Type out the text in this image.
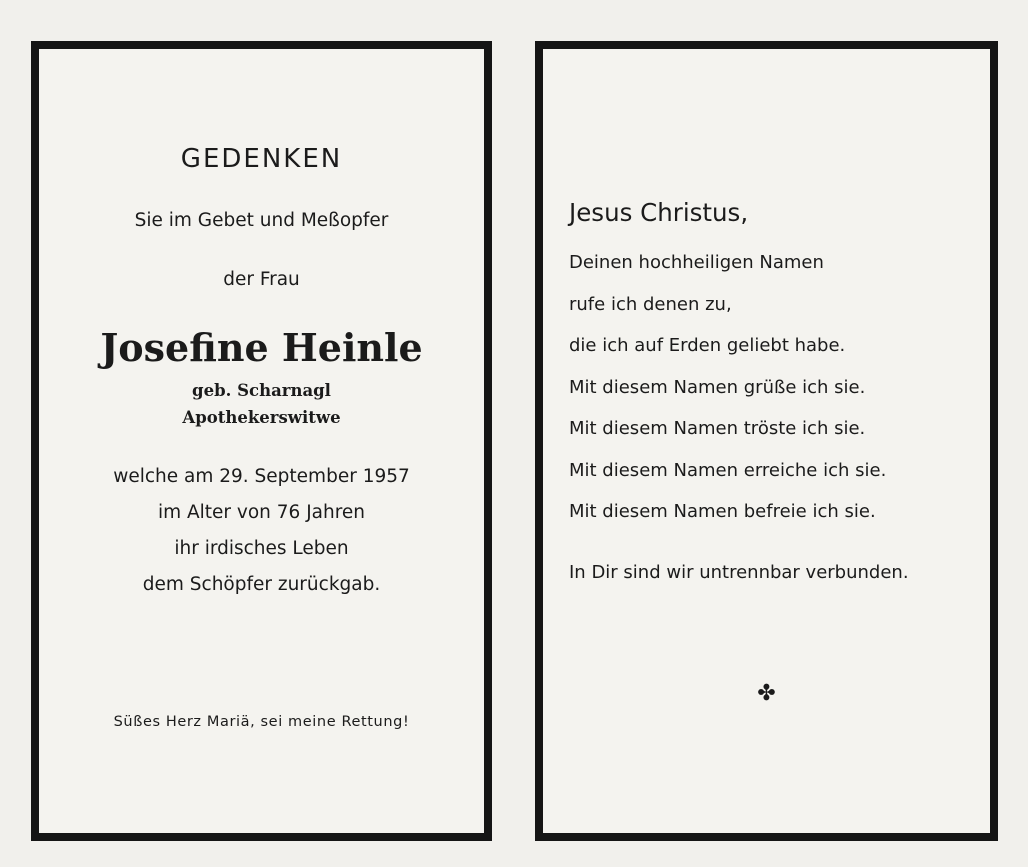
GEDENKEN
Sie im Gebet und Meßopfer
der Frau
Josefine Heinle
geb. Scharnagl
Apothekerswitwe
welche am 29. September 1957
im Alter von 76 Jahren
ihr irdisches Leben
dem Schöpfer zurückgab.
Süßes Herz Mariä, sei meine Rettung!
Jesus Christus,
Deinen hochheiligen Namen
rufe ich denen zu,
die ich auf Erden geliebt habe.
Mit diesem Namen grüße ich sie.
Mit diesem Namen tröste ich sie.
Mit diesem Namen erreiche ich sie.
Mit diesem Namen befreie ich sie.
In Dir sind wir untrennbar verbunden.
✤
